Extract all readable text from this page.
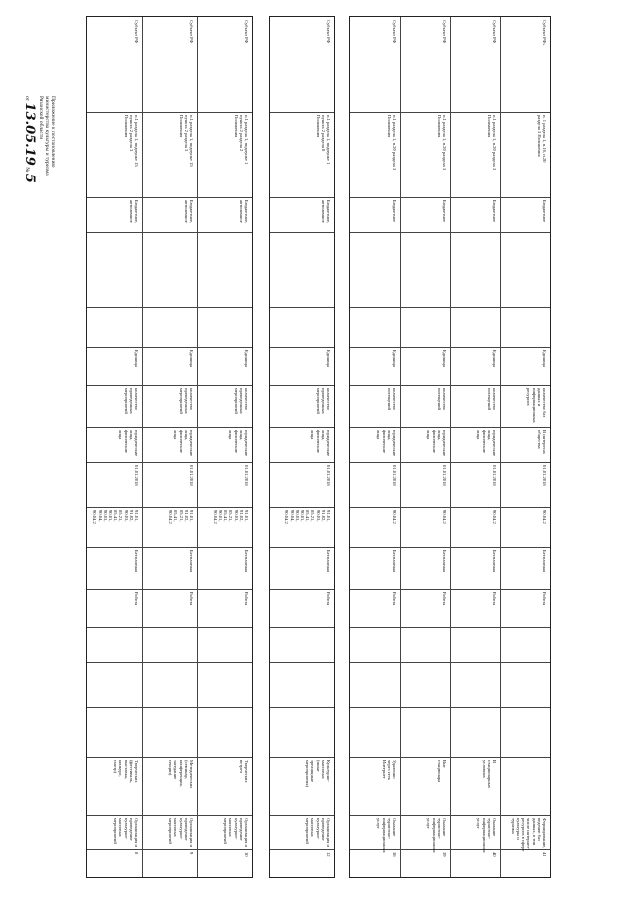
Приложение к постановлению
министерства культуры и туризма
Рязанской области
от 13.05.19 № 5
Субъект РФ
п.1 раздела 1, подпункт 15
пункта 2 раздела 3
Положения
Бюджетное,
автономное
Единица
количество
проведенных
мероприятий
юридические
лица,
физические
лица
01.01.2018
91.01,
91.02,
90.03,
85.21,
85.41,
90.01,
90.03,
90.04,
90.04.2
Бесплатная
Работа
Творческих
(фестиваль,
выставка,
конкурс,
смотр)
Организация и
проведение
культурно-
массовых
мероприятий
8
Субъект РФ
п.1 раздела 1, подпункт 15
пункта 2 раздела 3
Положения
Бюджетное,
автономное
Единица
количество
проведенных
мероприятий
юридические
лица,
физические
лица
01.01.2018
91.01,
91.02,
85.21,
85.41,
90.04.2
Бесплатная
Работа
Методических
(семинар,
конференция,
заседание
секции)
Организация и
проведение
культурно-
массовых
мероприятий
9
Субъект РФ
п.1 раздела 1, подпункт 1
пункта 2 раздела 2
Положения
Бюджетное,
автономное
Единица
количество
проведенных
мероприятий
юридические
лица,
физические
лица
01.01.2018
91.01,
91.02,
90.03,
85.21,
85.41,
90.01,
90.04.2
Бесплатная
Работа
Творческих
встреч
Организация и
проведение
культурно-
массовых
мероприятий
10
Субъект РФ
п.1 раздела 1, подпункт 1
пункта 2 раздела 8
Положения
Бюджетное,
автономное
Единица
количество
проведенных
мероприятий
юридические
лица,
физические
лица
01.01.2018
91.01,
91.02,
90.03,
85.21,
85.41,
90.01,
90.03,
90.04,
90.04.2
Бесплатная
Работа
Культурно-
массовых
(иные
зрелищные
мероприятия)
Организация и
проведение
культурно-
массовых
мероприятий
12
Субъект РФ
п.1 раздела 1, п.20 раздела 3
Положения
Бюджетное
Единица
количество
посещений
юридические
лица,
физические
лица
01.01.2018
90.04.2
Бесплатная
Работа
Удаленно
через сеть
Интернет
Оказание
туристско-
информационных
услуг
38
Субъект РФ
п.1 раздела 1, п.20 раздела 3
Положения
Бюджетное
Единица
количество
посещений
юридические
лица,
физические
лица
01.01.2018
90.04.2
Бесплатная
Работа
Вне
стационара
Оказание
туристско-
информационных
услуг
39
Субъект РФ
п.1 раздела 1, п.20 раздела 3
Положения
Бюджетное
Единица
количество
посещений
юридические
лица,
физические
лица
01.01.2018
90.04.2
Бесплатная
Работа
В
стационарных
условиях
Оказание
туристско-
информационных
услуг
40
Субъект РФ»
п. 1 раздела 1, п.16, п.20
раздела 3 Положения
Бюджетное
Единица
количество баз
данных и
информационных
ресурсов
В интересах
общества
01.01.2018
90.04.2
Бесплатная
Работа
Формирование,
ведение баз
данных, в том
числе интернет-
ресурсов в сфере
культуры и
туризма
41
